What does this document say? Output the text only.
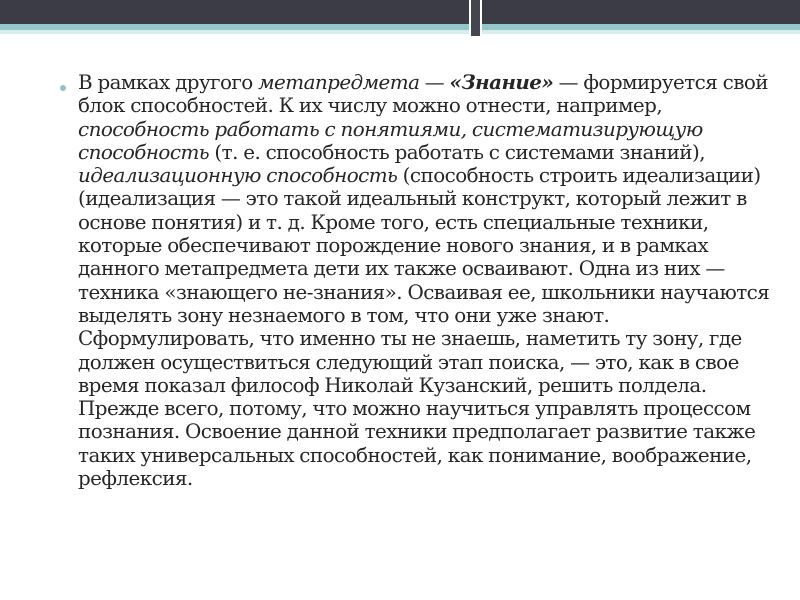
В рамках другого метапредмета — «Знание» — формируется свой блок способностей. К их числу можно отнести, например, способность работать с понятиями, систематизирующую способность (т. е. способность работать с системами знаний), идеализационную способность (способность строить идеализации) (идеализация — это такой идеальный конструкт, который лежит в основе понятия) и т. д. Кроме того, есть специальные техники, которые обеспечивают порождение нового знания, и в рамках данного метапредмета дети их также осваивают. Одна из них — техника «знающего не-знания». Осваивая ее, школьники научаются выделять зону незнаемого в том, что они уже знают. Сформулировать, что именно ты не знаешь, наметить ту зону, где должен осуществиться следующий этап поиска, — это, как в свое время показал философ Николай Кузанский, решить полдела. Прежде всего, потому, что можно научиться управлять процессом познания. Освоение данной техники предполагает развитие также таких универсальных способностей, как понимание, воображение, рефлексия.
